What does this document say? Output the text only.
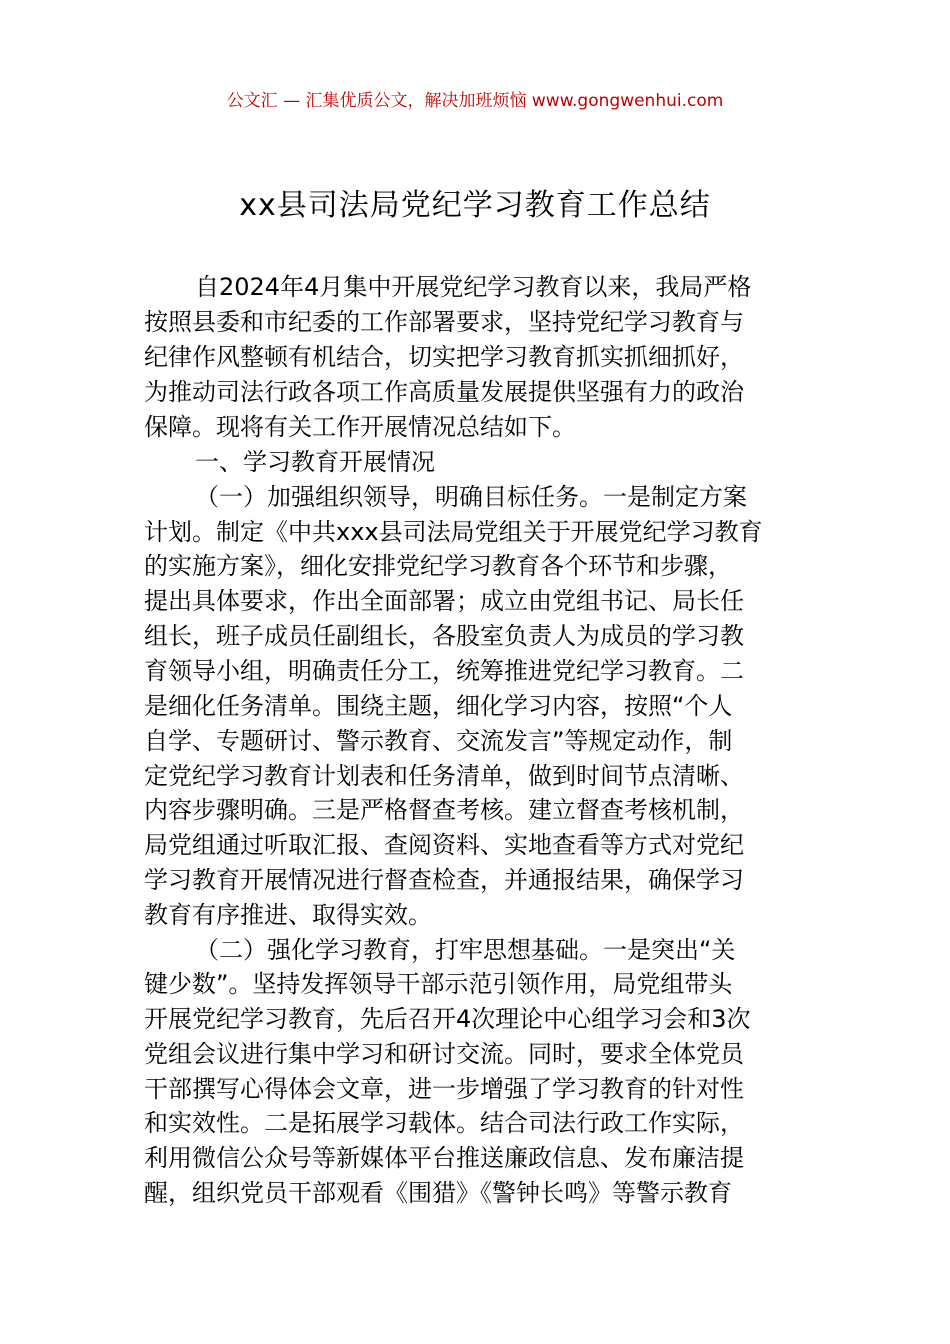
公文汇 — 汇集优质公文，解决加班烦恼 www.gongwenhui.com
xx县司法局党纪学习教育工作总结
自2024年4月集中开展党纪学习教育以来，我局严格
按照县委和市纪委的工作部署要求，坚持党纪学习教育与
纪律作风整顿有机结合，切实把学习教育抓实抓细抓好，
为推动司法行政各项工作高质量发展提供坚强有力的政治
保障。现将有关工作开展情况总结如下。
一、学习教育开展情况
（一）加强组织领导，明确目标任务。一是制定方案
计划。制定《中共xxx县司法局党组关于开展党纪学习教育
的实施方案》，细化安排党纪学习教育各个环节和步骤，
提出具体要求，作出全面部署；成立由党组书记、局长任
组长，班子成员任副组长，各股室负责人为成员的学习教
育领导小组，明确责任分工，统筹推进党纪学习教育。二
是细化任务清单。围绕主题，细化学习内容，按照“个人
自学、专题研讨、警示教育、交流发言”等规定动作，制
定党纪学习教育计划表和任务清单，做到时间节点清晰、
内容步骤明确。三是严格督查考核。建立督查考核机制，
局党组通过听取汇报、查阅资料、实地查看等方式对党纪
学习教育开展情况进行督查检查，并通报结果，确保学习
教育有序推进、取得实效。
（二）强化学习教育，打牢思想基础。一是突出“关
键少数”。坚持发挥领导干部示范引领作用，局党组带头
开展党纪学习教育，先后召开4次理论中心组学习会和3次
党组会议进行集中学习和研讨交流。同时，要求全体党员
干部撰写心得体会文章，进一步增强了学习教育的针对性
和实效性。二是拓展学习载体。结合司法行政工作实际，
利用微信公众号等新媒体平台推送廉政信息、发布廉洁提
醒，组织党员干部观看《围猎》《警钟长鸣》等警示教育
